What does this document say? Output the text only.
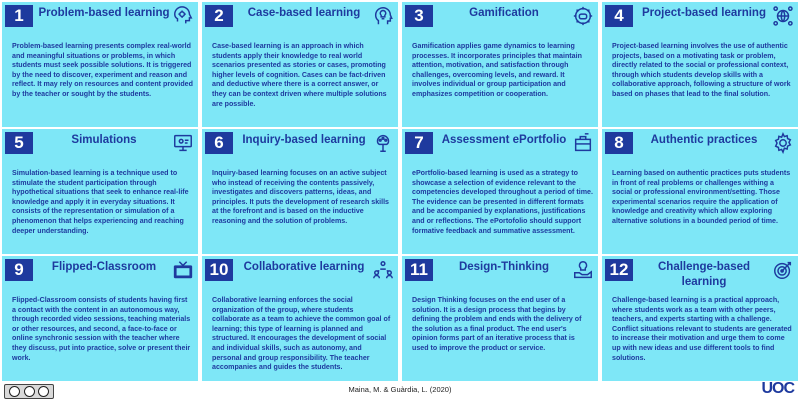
1	Problem-based learning
Problem-based learning presents complex real-world and meaningful situations or problems, in which students must seek possible solutions. It is triggered by the need to discover, experiment and reason and reflect. It may rely on resources and content provided by the teacher or sought by the students.
2	Case-based learning
Case-based learning is an approach in which students apply their knowledge to real world scenarios presented as stories or cases, promoting higher levels of cognition. Cases can be fact-driven and deductive where there is a correct answer, or they can be context driven where multiple solutions are possible.
3	Gamification
Gamification applies game dynamics to learning processes. It incorporates principles that maintain attention, motivation, and satisfaction through challenges, overcoming levels, and reward. It involves individual or group participation and emphasizes competition or cooperation.
4	Project-based learning
Project-based learning involves the use of authentic projects, based on a motivating task or problem, directly related to the social or professional context, through which students develop skills with a collaborative approach, following a structure of work based on phases that lead to the final solution.
5	Simulations
Simulation-based learning is a technique used to stimulate the student participation through hypothetical situations that seek to enhance real-life knowledge and apply it in everyday situations. It consists of the representation or simulation of a phenomenon that helps experiencing and reaching deeper understanding.
6	Inquiry-based learning
Inquiry-based learning focuses on an active subject who instead of receiving the contents passively, investigates and discovers patterns, ideas, and principles. It puts the development of research skills at the forefront and is based on the inductive reasoning and the solution of problems.
7	Assessment ePortfolio
ePortfolio-based learning is used as a strategy to showcase a selection of evidence relevant to the competencies developed throughout a period of time. The evidence can be presented in different formats and be accompanied by explanations, justifications and or reflections. The ePortofolio should support formative feedback and summative assessment.
8	Authentic practices
Learning based on authentic practices puts students in front of real problems or challenges withing a social or professional environment/setting. Those experimental scenarios require the application of knowledge and creativity which allow exploring alternative solutions in a bounded period of time.
9	Flipped-Classroom
Flipped-Classroom consists of students having first a contact with the content in an autonomous way, through recorded video sessions, teaching materials or other resources, and second, a face-to-face or online synchronic session with the teacher where they discuss, put into practice, solve or present their work.
10	Collaborative learning
Collaborative learning enforces the social organization of the group, where students collaborate as a team to achieve the common goal of learning; this type of learning is planned and structured. It encourages the development of social and individual skills, such as autonomy, and personal and group responsibility. The teacher accompanies and guides the students.
11	Design-Thinking
Design Thinking focuses on the end user of a solution. It is a design process that begins by defining the problem and ends with the delivery of the solution as a final product. The end user's opinion forms part of an iterative process that is used to improve the product or service.
12	Challenge-based learning
Challenge-based learning is a practical approach, where students work as a team with other peers, teachers, and experts starting with a challenge. Conflict situations relevant to students are generated to increase their motivation and urge them to come up with new ideas and use different tools to find solutions.
Maina, M. & Guàrdia, L. (2020)	UOC
